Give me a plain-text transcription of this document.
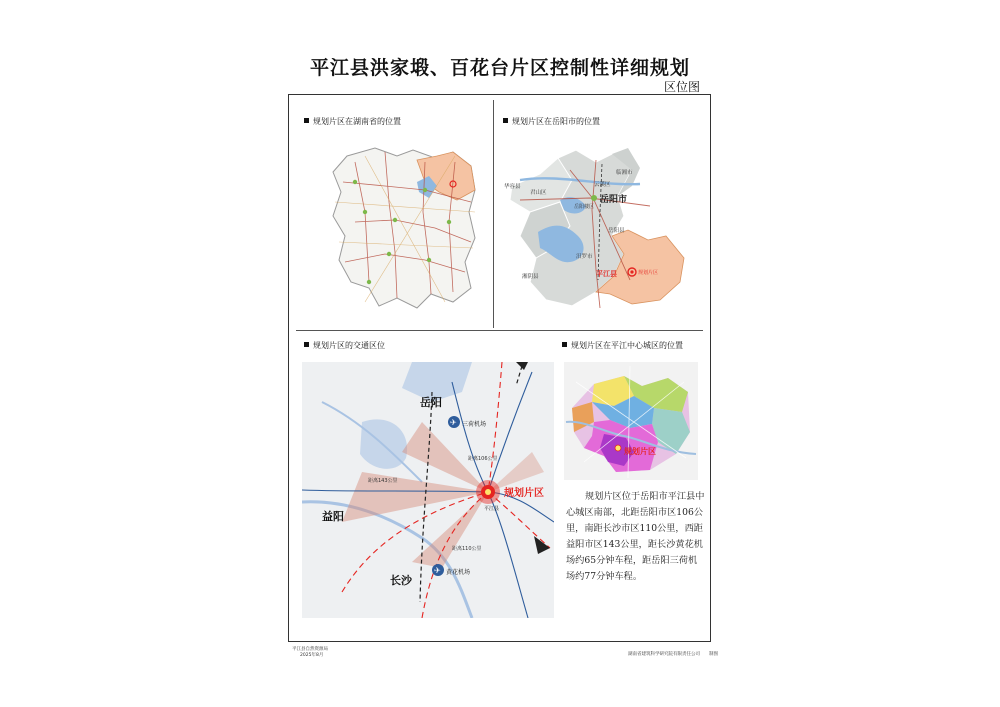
平江县洪家塅、百花台片区控制性详细规划
区位图
规划片区在湖南省的位置	规划片区在岳阳市的位置
规划片区的交通区位	规划片区在平江中心城区的位置
华容县
君山区
云溪区
临湘市
岳阳楼区
岳阳市
岳阳县
湘阴县
汨罗市
平江县	规划片区
✈
✈
岳阳
三荷机场
规划片区
平江县
益阳
长沙
黄花机场
距离143公里
距离110公里
距离106公里
规划片区
规划片区位于岳阳市平江县中心城区南部，北距岳阳市区106公里，南距长沙市区110公里，西距益阳市区143公里，距长沙黄花机场约65分钟车程，距岳阳三荷机场约77分钟车程。
平江县自然资源局
2025年8月	湖南省建筑科学研究院有限责任公司　　制图
